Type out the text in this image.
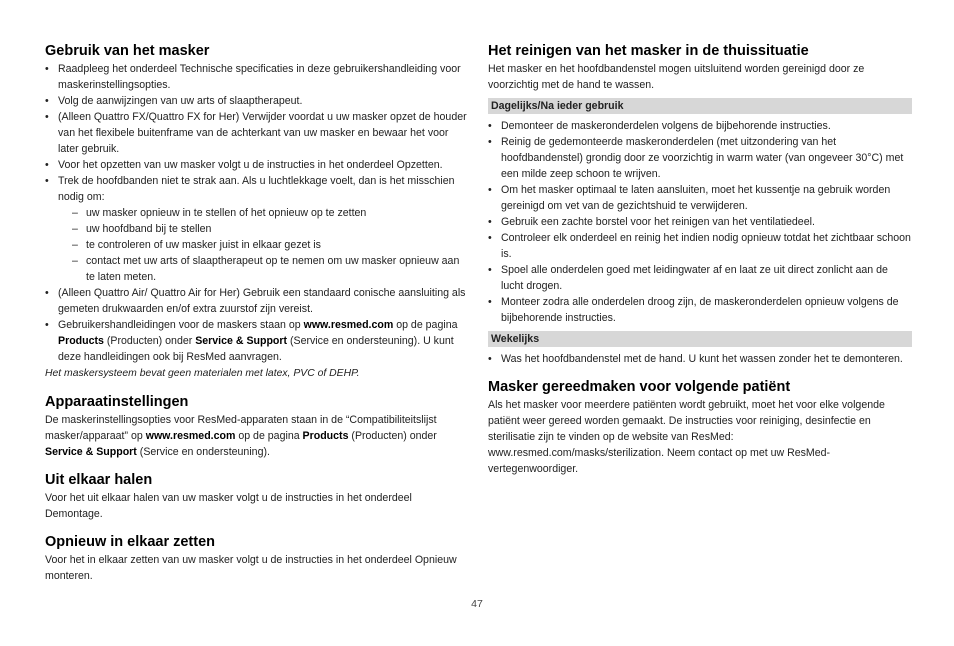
Gebruik van het masker
• Raadpleeg het onderdeel Technische specificaties in deze gebruikershandleiding voor maskerinstellingsopties.
• Volg de aanwijzingen van uw arts of slaaptherapeut.
• (Alleen Quattro FX/Quattro FX for Her) Verwijder voordat u uw masker opzet de houder van het flexibele buitenframe van de achterkant van uw masker en bewaar het voor later gebruik.
• Voor het opzetten van uw masker volgt u de instructies in het onderdeel Opzetten.
• Trek de hoofdbanden niet te strak aan. Als u luchtlekkage voelt, dan is het misschien nodig om:
– uw masker opnieuw in te stellen of het opnieuw op te zetten
– uw hoofdband bij te stellen
– te controleren of uw masker juist in elkaar gezet is
– contact met uw arts of slaaptherapeut op te nemen om uw masker opnieuw aan te laten meten.
• (Alleen Quattro Air/ Quattro Air for Her) Gebruik een standaard conische aansluiting als gemeten drukwaarden en/of extra zuurstof zijn vereist.
• Gebruikershandleidingen voor de maskers staan op www.resmed.com op de pagina Products (Producten) onder Service & Support (Service en ondersteuning). U kunt deze handleidingen ook bij ResMed aanvragen.
Het maskersysteem bevat geen materialen met latex, PVC of DEHP.
Apparaatinstellingen

De maskerinstellingsopties voor ResMed-apparaten staan in de “Compatibiliteitslijst masker/apparaat” op www.resmed.com op de pagina Products (Producten) onder Service & Support (Service en ondersteuning).

Uit elkaar halen

Voor het uit elkaar halen van uw masker volgt u de instructies in het onderdeel Demontage.

Opnieuw in elkaar zetten

Voor het in elkaar zetten van uw masker volgt u de instructies in het onderdeel Opnieuw monteren.

Het reinigen van het masker in de thuissituatie

Het masker en het hoofdbandenstel mogen uitsluitend worden gereinigd door ze voorzichtig met de hand te wassen.

Dagelijks/Na ieder gebruik
• Demonteer de maskeronderdelen volgens de bijbehorende instructies.
• Reinig de gedemonteerde maskeronderdelen (met uitzondering van het hoofdbandenstel) grondig door ze voorzichtig in warm water (van ongeveer 30°C) met een milde zeep schoon te wrijven.
• Om het masker optimaal te laten aansluiten, moet het kussentje na gebruik worden gereinigd om vet van de gezichtshuid te verwijderen.
• Gebruik een zachte borstel voor het reinigen van het ventilatiedeel.
• Controleer elk onderdeel en reinig het indien nodig opnieuw totdat het zichtbaar schoon is.
• Spoel alle onderdelen goed met leidingwater af en laat ze uit direct zonlicht aan de lucht drogen.
• Monteer zodra alle onderdelen droog zijn, de maskeronderdelen opnieuw volgens de bijbehorende instructies.
Wekelijks
• Was het hoofdbandenstel met de hand. U kunt het wassen zonder het te demonteren.
Masker gereedmaken voor volgende patiënt

Als het masker voor meerdere patiënten wordt gebruikt, moet het voor elke volgende patiënt weer gereed worden gemaakt. De instructies voor reiniging, desinfectie en sterilisatie zijn te vinden op de website van ResMed: www.resmed.com/masks/sterilization. Neem contact op met uw ResMed-vertegenwoordiger.

47
